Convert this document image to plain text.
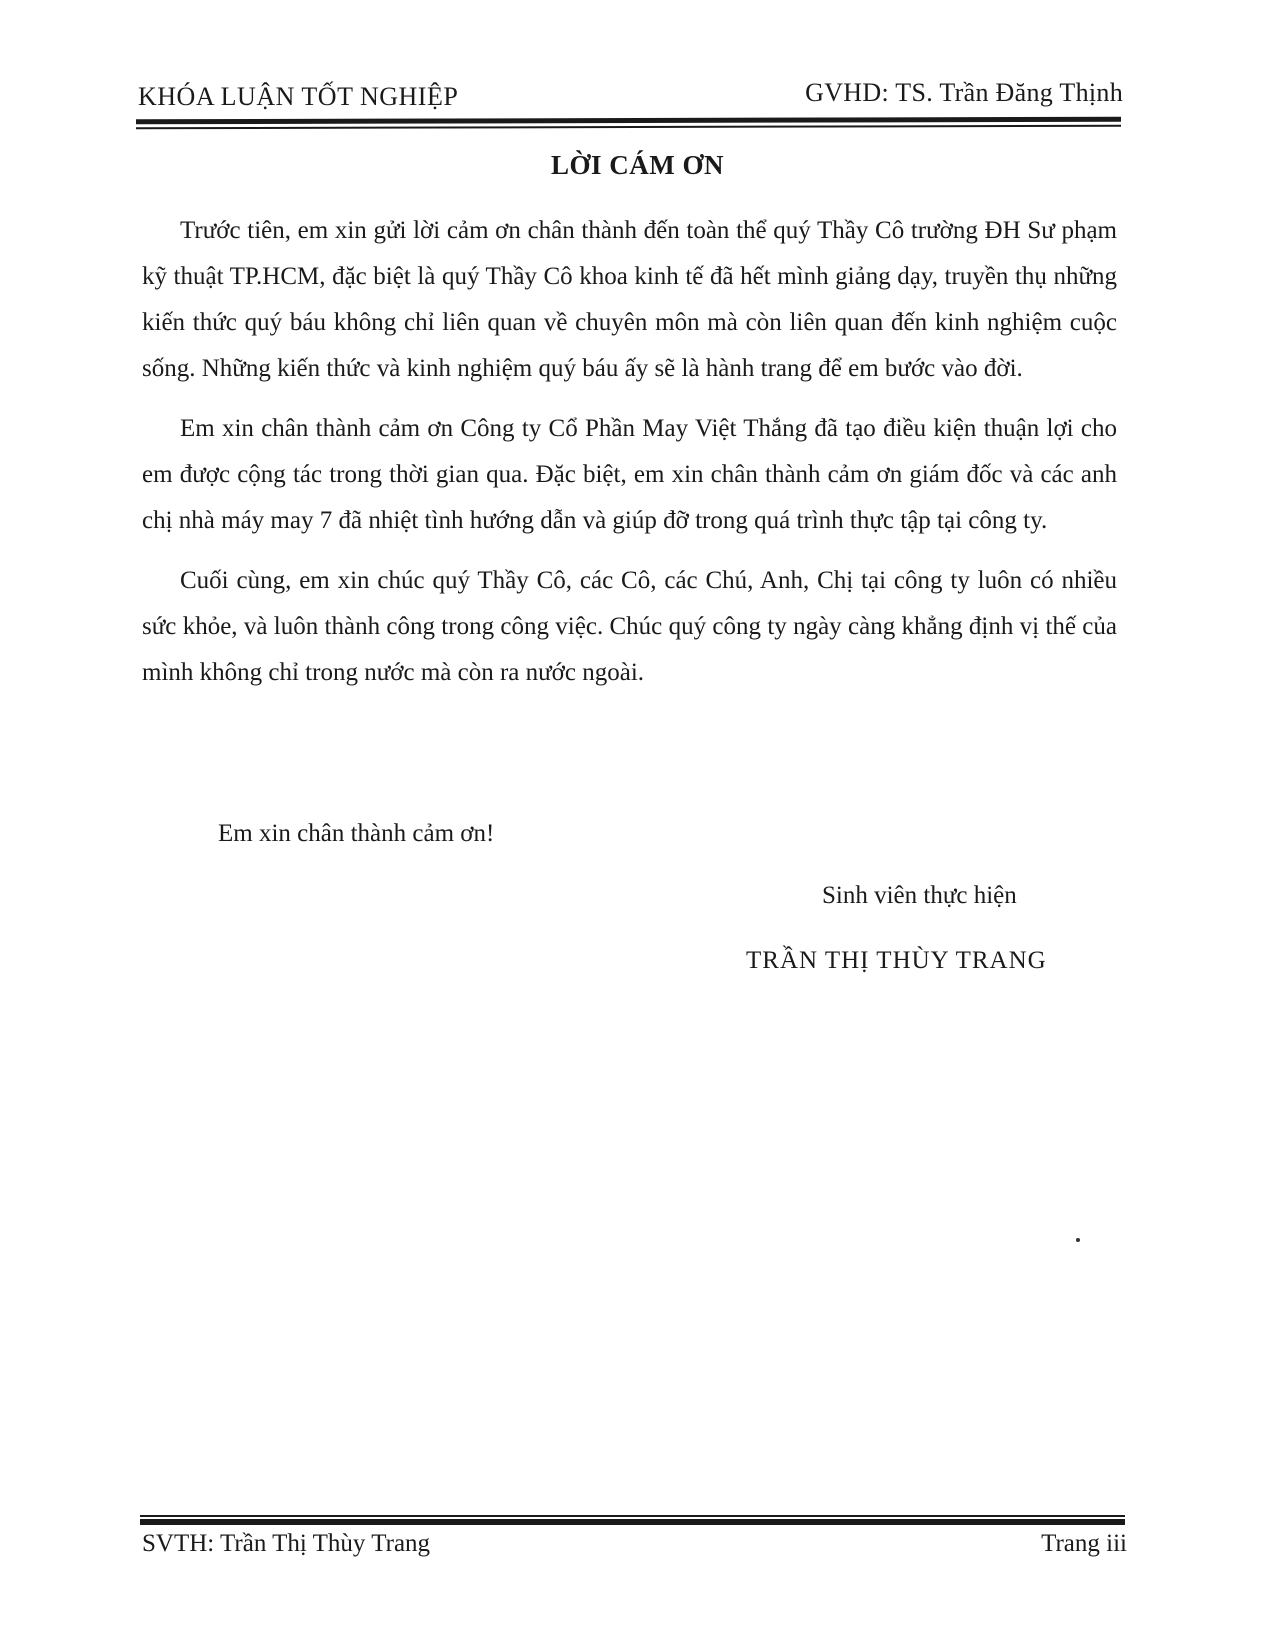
KHÓA LUẬN TỐT NGHIỆP	GVHD: TS. Trần Đăng Thịnh
LỜI CÁM ƠN

Trước tiên, em xin gửi lời cảm ơn chân thành đến toàn thể quý Thầy Cô trường ĐH Sư phạm kỹ thuật TP.HCM, đặc biệt là quý Thầy Cô khoa kinh tế đã hết mình giảng dạy, truyền thụ những kiến thức quý báu không chỉ liên quan về chuyên môn mà còn liên quan đến kinh nghiệm cuộc sống. Những kiến thức và kinh nghiệm quý báu ấy sẽ là hành trang để em bước vào đời.

Em xin chân thành cảm ơn Công ty Cổ Phần May Việt Thắng đã tạo điều kiện thuận lợi cho em được cộng tác trong thời gian qua. Đặc biệt, em xin chân thành cảm ơn giám đốc và các anh chị nhà máy may 7 đã nhiệt tình hướng dẫn và giúp đỡ trong quá trình thực tập tại công ty.

Cuối cùng, em xin chúc quý Thầy Cô, các Cô, các Chú, Anh, Chị tại công ty luôn có nhiều sức khỏe, và luôn thành công trong công việc. Chúc quý công ty ngày càng khẳng định vị thế của mình không chỉ trong nước mà còn ra nước ngoài.

Em xin chân thành cảm ơn!
Sinh viên thực hiện
TRẦN THỊ THÙY TRANG
SVTH: Trần Thị Thùy Trang	Trang iii
